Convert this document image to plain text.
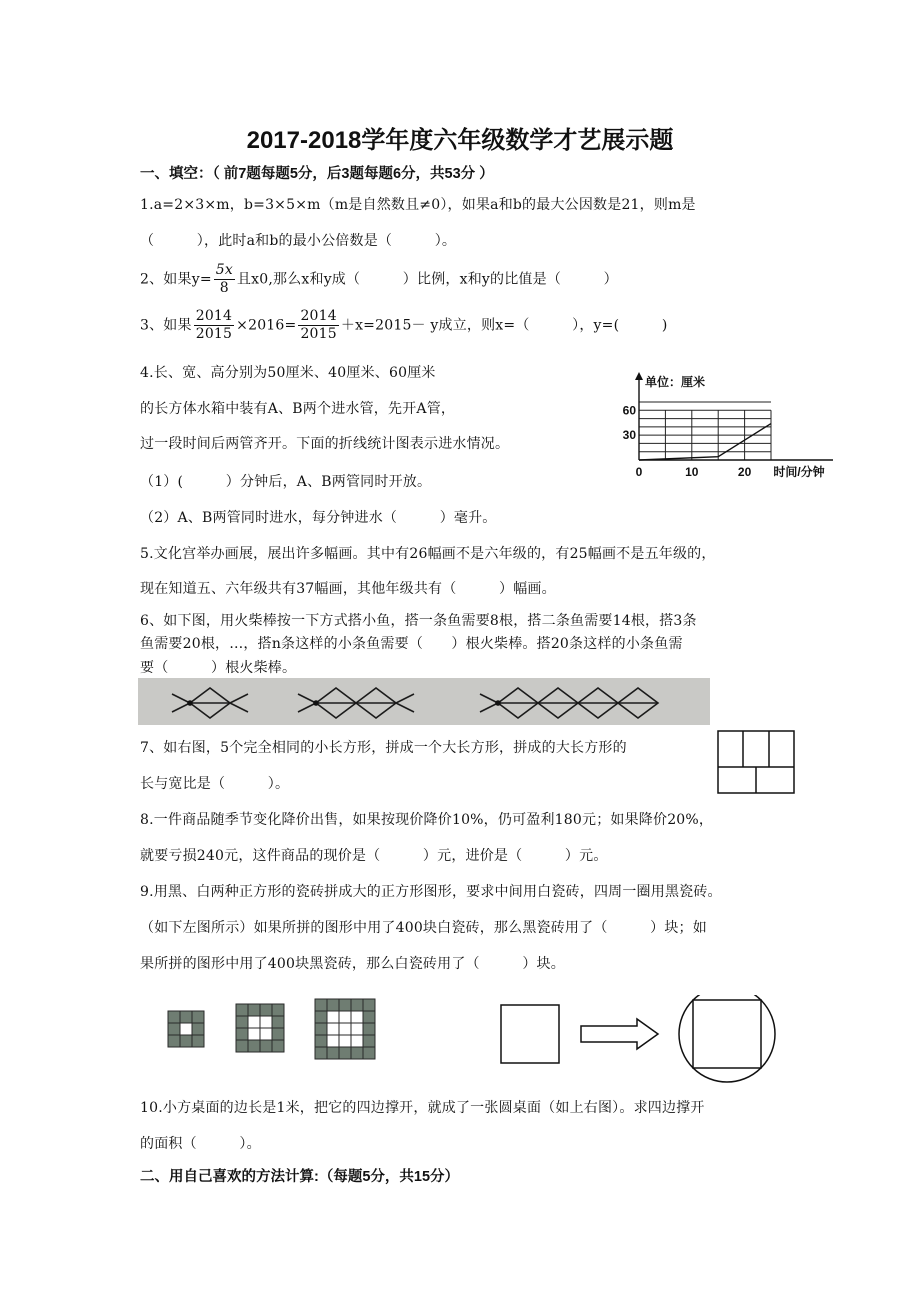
2017-2018学年度六年级数学才艺展示题
一、填空：（ 前7题每题5分，后3题每题6分，共53分 ）
1.a=2×3×m，b=3×5×m（m是自然数且≠0），如果a和b的最大公因数是21，则m是
（　　　），此时a和b的最小公倍数是（　　　）。
2、如果$y= \frac{5x}{8}$ 且x0,那么x和y成（　　　）比例，x和y的比值是（　　　）
3、如果 $\frac{2014}{2015} \times 2016= \frac{2014}{2015} +x=2015- y$成立，则x=（　　　），y=(　　　)
4.长、宽、高分别为50厘米、40厘米、60厘米
的长方体水箱中装有A、B两个进水管，先开A管，
过一段时间后两管齐开。下面的折线统计图表示进水情况。
（1）(　　　）分钟后，A、B两管同时开放。
（2）A、B两管同时进水，每分钟进水（　　　）毫升。
单位：厘米
30
60
0	10	20 时间/分钟
5.文化宫举办画展，展出许多幅画。其中有26幅画不是六年级的，有25幅画不是五年级的，
现在知道五、六年级共有37幅画，其他年级共有（　　　）幅画。
6、如下图，用火柴棒按一下方式搭小鱼，搭一条鱼需要8根，搭二条鱼需要14根，搭3条
鱼需要20根，…，搭n条这样的小条鱼需要（　　）根火柴棒。搭20条这样的小条鱼需
要（　　　）根火柴棒。
7、如右图，5个完全相同的小长方形，拼成一个大长方形，拼成的大长方形的
长与宽比是（　　　）。
8.一件商品随季节变化降价出售，如果按现价降价10%，仍可盈利180元；如果降价20%，
就要亏损240元，这件商品的现价是（　　　）元，进价是（　　　）元。
9.用黑、白两种正方形的瓷砖拼成大的正方形图形，要求中间用白瓷砖，四周一圈用黑瓷砖。
（如下左图所示）如果所拼的图形中用了400块白瓷砖，那么黑瓷砖用了（　　　）块；如
果所拼的图形中用了400块黑瓷砖，那么白瓷砖用了（　　　）块。
10.小方桌面的边长是1米，把它的四边撑开，就成了一张圆桌面（如上右图）。求四边撑开
的面积（　　　）。
二、用自己喜欢的方法计算:（每题5分，共15分）
